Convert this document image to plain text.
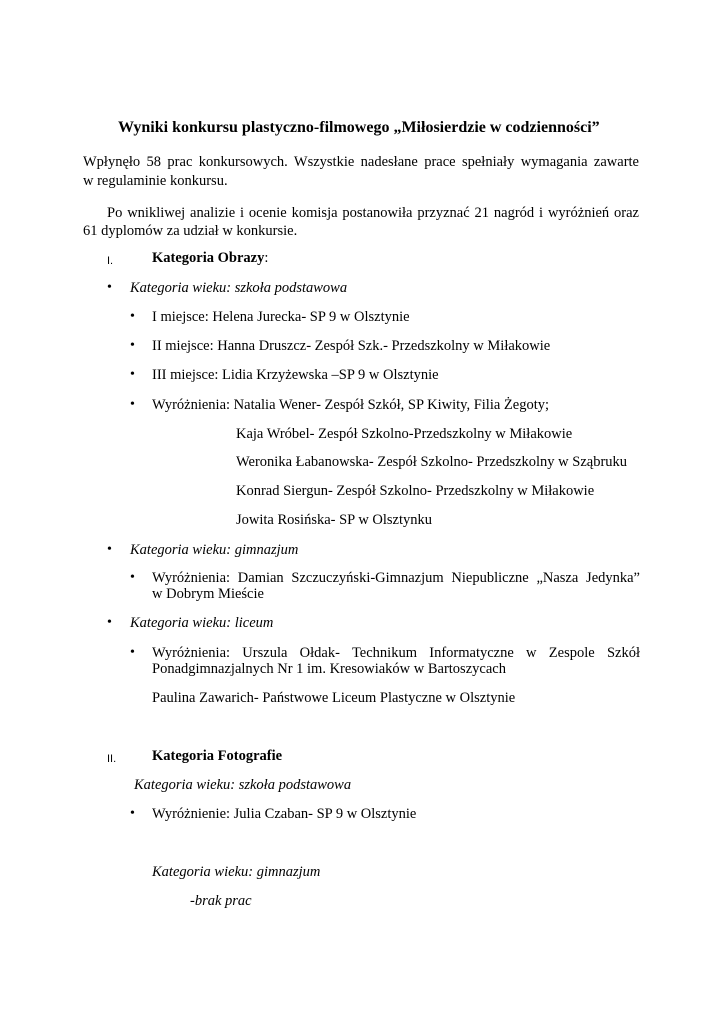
Wyniki konkursu plastyczno-filmowego „Miłosierdzie w codzienności”
Wpłynęło 58 prac konkursowych. Wszystkie nadesłane prace spełniały wymagania zawarte
w regulaminie konkursu.
Po wnikliwej analizie i ocenie komisja postanowiła przyznać 21 nagród i wyróżnień oraz
61 dyplomów za udział w konkursie.
I.	Kategoria Obrazy:
• Kategoria wieku: szkoła podstawowa
• I miejsce: Helena Jurecka- SP 9 w Olsztynie
• II miejsce: Hanna Druszcz- Zespół Szk.- Przedszkolny w Miłakowie
• III miejsce: Lidia Krzyżewska –SP 9 w Olsztynie
• Wyróżnienia: Natalia Wener- Zespół Szkół, SP Kiwity, Filia Żegoty;
Kaja Wróbel- Zespół Szkolno-Przedszkolny w Miłakowie
Weronika Łabanowska- Zespół Szkolno- Przedszkolny w Sząbruku
Konrad Siergun- Zespół Szkolno- Przedszkolny w Miłakowie
Jowita Rosińska- SP w Olsztynku
• Kategoria wieku: gimnazjum
• Wyróżnienia: Damian Szczuczyński-Gimnazjum Niepubliczne „Nasza Jedynka”
w Dobrym Mieście
• Kategoria wieku: liceum
• Wyróżnienia: Urszula Ołdak- Technikum Informatyczne w Zespole Szkół
Ponadgimnazjalnych Nr 1 im. Kresowiaków w Bartoszycach
Paulina Zawarich- Państwowe Liceum Plastyczne w Olsztynie
II. Kategoria Fotografie
Kategoria wieku: szkoła podstawowa
• Wyróżnienie: Julia Czaban- SP 9 w Olsztynie
Kategoria wieku: gimnazjum
-brak prac
